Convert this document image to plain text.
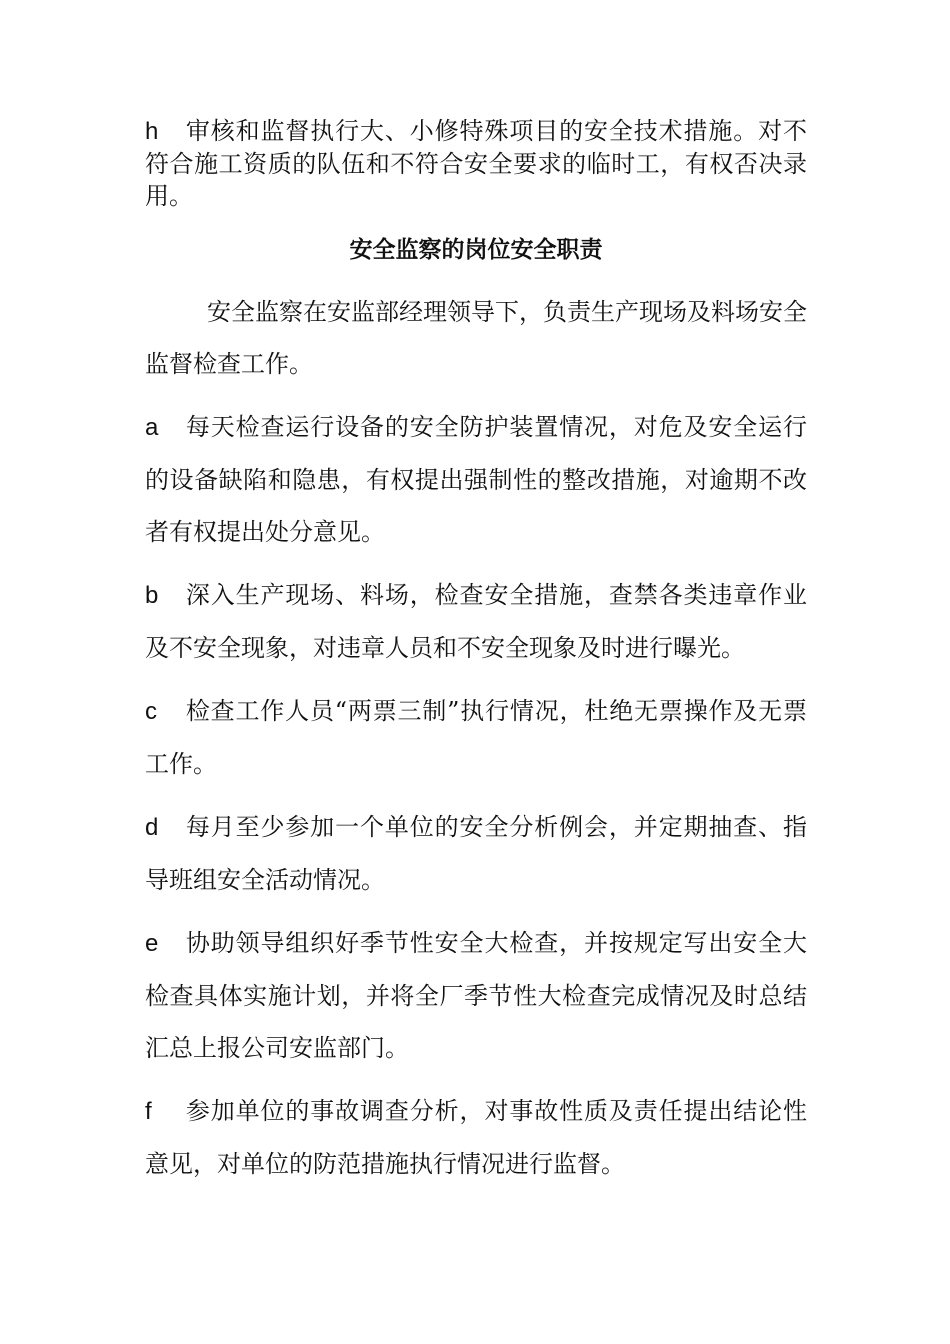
h 审核和监督执行大、小修特殊项目的安全技术措施。对不符合施工资质的队伍和不符合安全要求的临时工，有权否决录用。

安全监察的岗位安全职责

安全监察在安监部经理领导下，负责生产现场及料场安全监督检查工作。

a 每天检查运行设备的安全防护装置情况，对危及安全运行的设备缺陷和隐患，有权提出强制性的整改措施，对逾期不改者有权提出处分意见。

b 深入生产现场、料场，检查安全措施，查禁各类违章作业及不安全现象，对违章人员和不安全现象及时进行曝光。

c 检查工作人员“两票三制”执行情况，杜绝无票操作及无票工作。

d 每月至少参加一个单位的安全分析例会，并定期抽查、指导班组安全活动情况。

e 协助领导组织好季节性安全大检查，并按规定写出安全大检查具体实施计划，并将全厂季节性大检查完成情况及时总结汇总上报公司安监部门。

f 参加单位的事故调查分析，对事故性质及责任提出结论性意见，对单位的防范措施执行情况进行监督。
